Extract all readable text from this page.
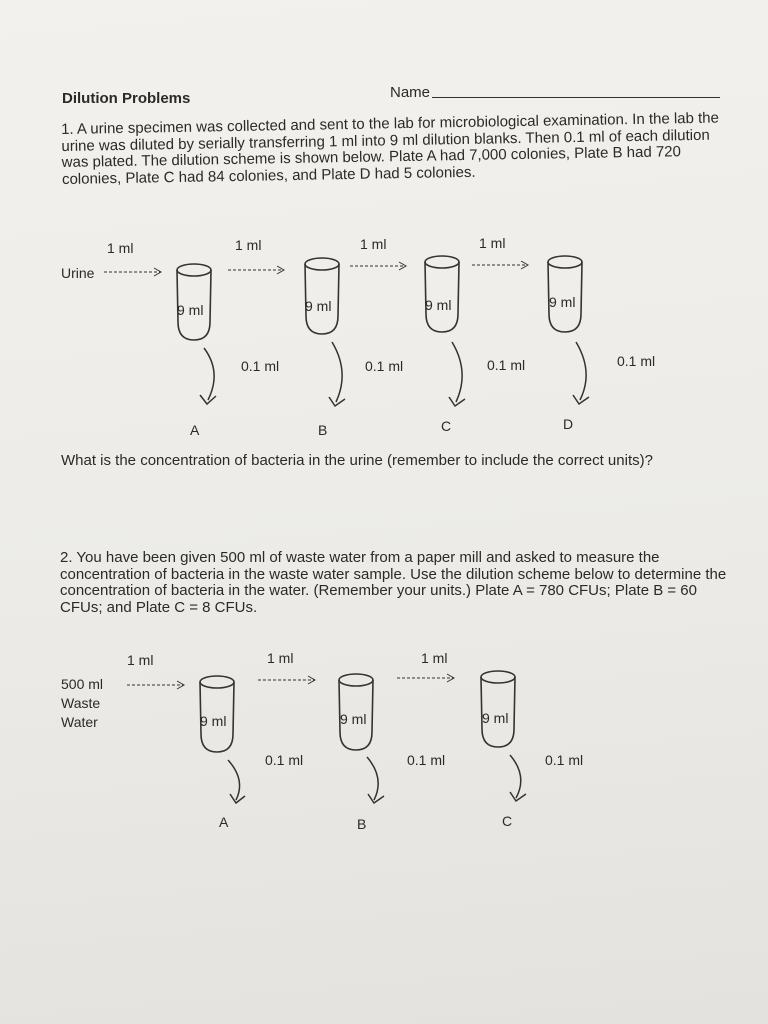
Dilution Problems	Name
1. A urine specimen was collected and sent to the lab for microbiological examination. In the lab the urine was diluted by serially transferring 1 ml into 9 ml dilution blanks. Then 0.1 ml of each dilution was plated. The dilution scheme is shown below. Plate A had 7,000 colonies, Plate B had 720 colonies, Plate C had 84 colonies, and Plate D had 5 colonies.
Urine
1 ml	1 ml	1 ml	1 ml
9 ml	9 ml	9 ml	9 ml
0.1 ml	0.1 ml	0.1 ml	0.1 ml
A	B	C	D
What is the concentration of bacteria in the urine (remember to include the correct units)?
2. You have been given 500 ml of waste water from a paper mill and asked to measure the concentration of bacteria in the waste water sample. Use the dilution scheme below to determine the concentration of bacteria in the water. (Remember your units.) Plate A = 780 CFUs; Plate B = 60 CFUs; and Plate C = 8 CFUs.
500 ml
Waste
Water
1 ml	1 ml	1 ml
9 ml	9 ml	9 ml
0.1 ml	0.1 ml	0.1 ml
A	B	C
